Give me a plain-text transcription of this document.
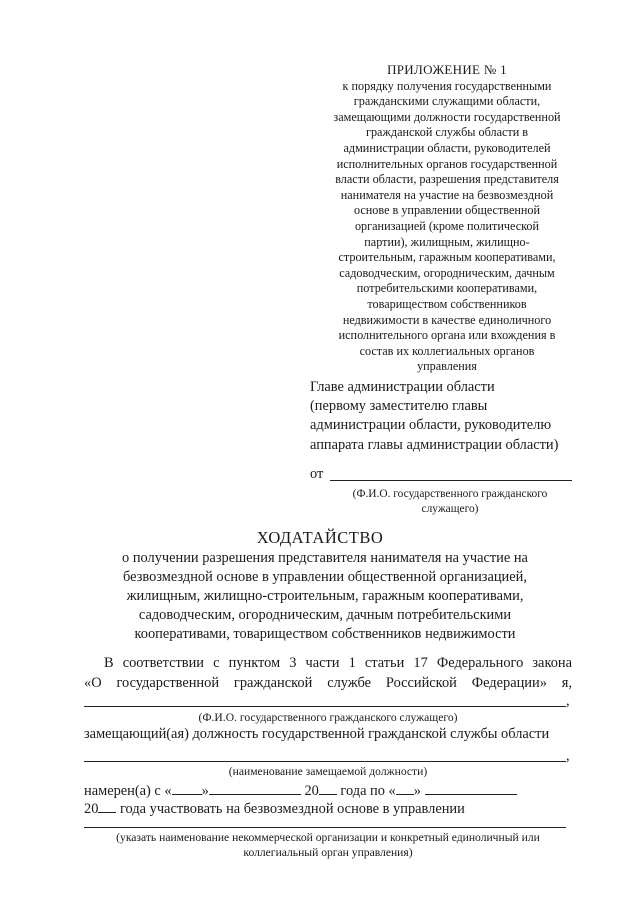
ПРИЛОЖЕНИЕ № 1
к порядку получения государственными
гражданскими служащими области,
замещающими должности государственной
гражданской службы области в
администрации области, руководителей
исполнительных органов государственной
власти области, разрешения представителя
нанимателя на участие на безвозмездной
основе в управлении общественной
организацией (кроме политической
партии), жилищным, жилищно-
строительным, гаражным кооперативами,
садоводческим, огородническим, дачным
потребительскими кооперативами,
товариществом собственников
недвижимости в качестве единоличного
исполнительного органа или вхождения в
состав их коллегиальных органов
управления
Главе администрации области
(первому заместителю главы
администрации области, руководителю
аппарата главы администрации области)
от
(Ф.И.О. государственного гражданского
служащего)
ХОДАТАЙСТВО
о получении разрешения представителя нанимателя на участие на
безвозмездной основе в управлении общественной организацией,
жилищным, жилищно-строительным, гаражным кооперативами,
садоводческим, огородническим, дачным потребительскими
кооперативами, товариществом собственников недвижимости
В соответствии с пунктом 3 части 1 статьи 17 Федерального закона
«О государственной гражданской службе Российской Федерации» я,
,
(Ф.И.О. государственного гражданского служащего)
замещающий(ая) должность государственной гражданской службы области
,
(наименование замещаемой должности)
намерен(а) с « »	20 года по « »
20 года участвовать на безвозмездной основе в управлении
(указать наименование некоммерческой организации и конкретный единоличный или
коллегиальный орган управления)
